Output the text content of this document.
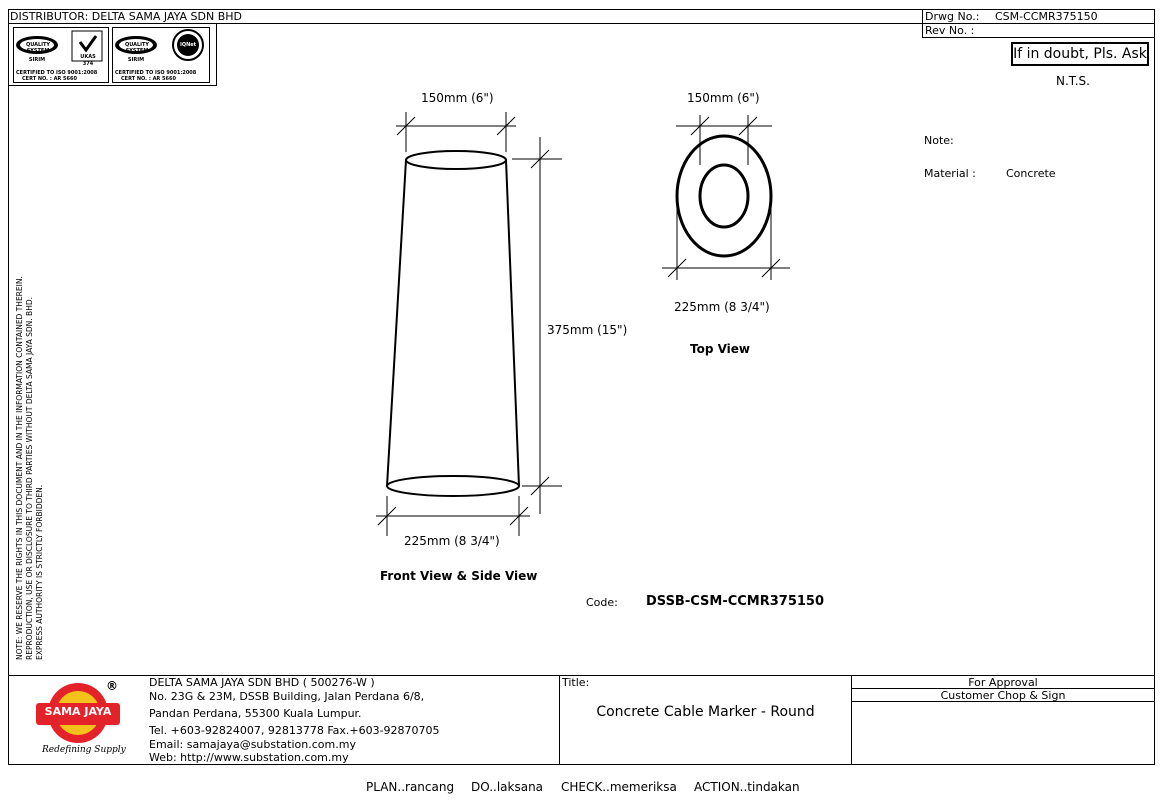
DISTRIBUTOR: DELTA SAMA JAYA SDN BHD	Drwg No.: CSM-CCMR375150
Rev No. :
If in doubt, Pls. Ask
N.T.S.
QUALITY SYSTEM
UKAS
SIRIM
374
CERTIFIED TO ISO 9001:2008
CERT NO. : AR 5660
QUALITY SYSTEM
IQNet
SIRIM
CERTIFIED TO ISO 9001:2008
CERT NO. : AR 5660
NOTE: WE RESERVE THE RIGHTS IN THIS DOCUMENT AND IN THE INFORMATION CONTAINED THEREIN.
REPRODUCTION, USE OR DISCLOSURE TO THIRD PARTIES WITHOUT DELTA SAMA JAYA SDN. BHD.
EXPRESS AUTHORITY IS STRICTLY FORBIDDEN.
150mm (6")
375mm (15")
225mm (8 3/4")
Front View & Side View
150mm (6")
225mm (8 3/4")
Top View
Note:
Material :	Concrete
Code: DSSB-CSM-CCMR375150
SAMA JAYA
®
Redefining Supply
DELTA SAMA JAYA SDN BHD ( 500276-W )
No. 23G & 23M, DSSB Building, Jalan Perdana 6/8,
Pandan Perdana, 55300 Kuala Lumpur.
Tel. +603-92824007, 92813778 Fax.+603-92870705
Email: samajaya@substation.com.my
Web: http://www.substation.com.my
Title:
Concrete Cable Marker - Round
For Approval
Customer Chop & Sign
PLAN..rancang DO..laksana CHECK..memeriksa ACTION..tindakan
